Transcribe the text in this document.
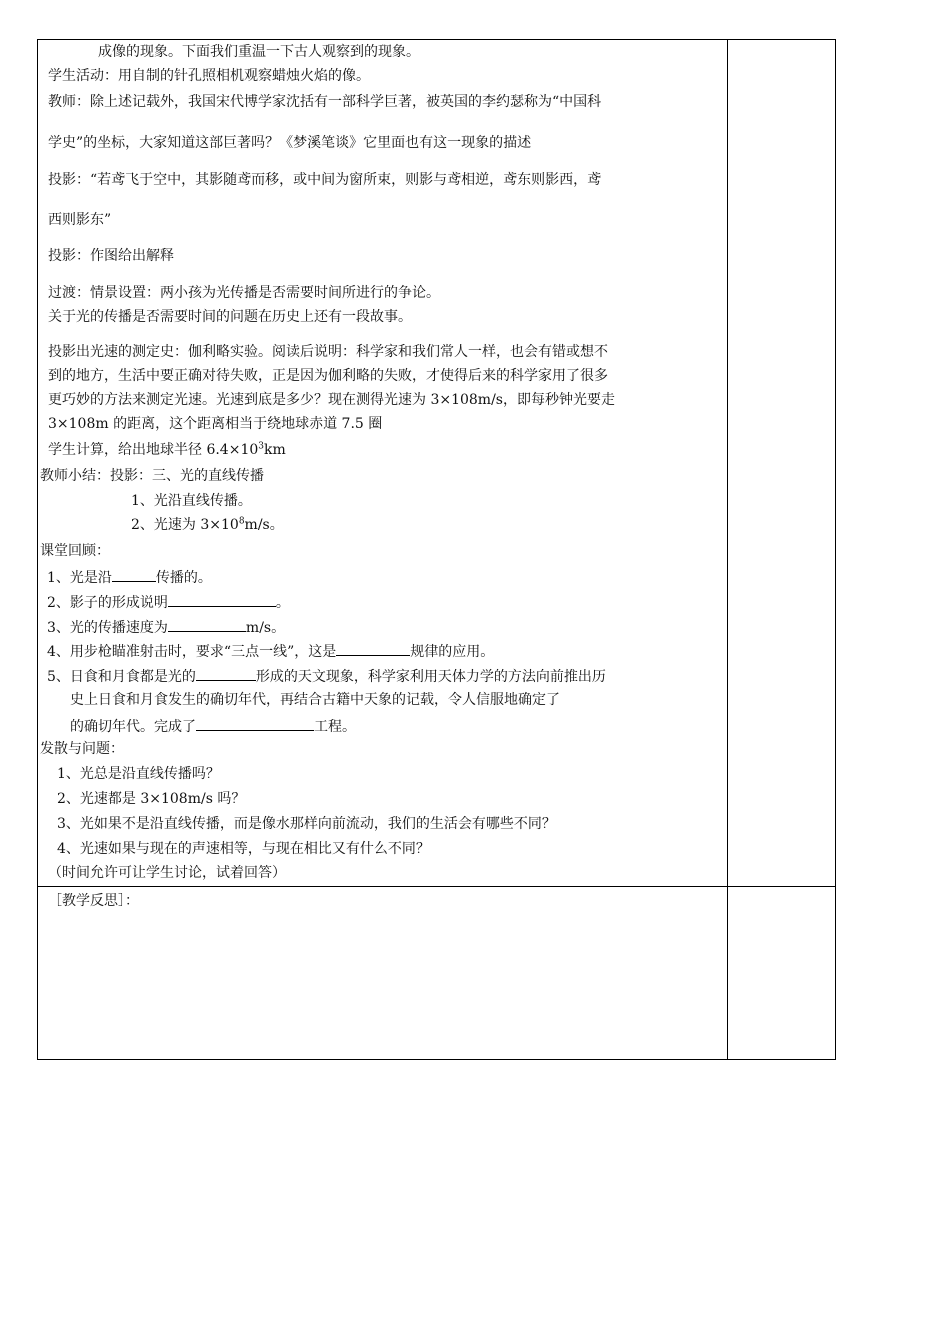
成像的现象。下面我们重温一下古人观察到的现象。
学生活动：用自制的针孔照相机观察蜡烛火焰的像。
教师：除上述记载外，我国宋代博学家沈括有一部科学巨著，被英国的李约瑟称为“中国科
学史”的坐标，大家知道这部巨著吗？《梦溪笔谈》它里面也有这一现象的描述
投影：“若鸢飞于空中，其影随鸢而移，或中间为窗所束，则影与鸢相逆，鸢东则影西，鸢
西则影东”
投影：作图给出解释
过渡：情景设置：两小孩为光传播是否需要时间所进行的争论。
关于光的传播是否需要时间的问题在历史上还有一段故事。
投影出光速的测定史：伽利略实验。阅读后说明：科学家和我们常人一样，也会有错或想不
到的地方，生活中要正确对待失败，正是因为伽利略的失败，才使得后来的科学家用了很多
更巧妙的方法来测定光速。光速到底是多少？现在测得光速为 3×108m/s，即每秒钟光要走
3×108m 的距离，这个距离相当于绕地球赤道 7.5 圈
学生计算，给出地球半径 $6.4\times 10^3km$
教师小结：投影：三、光的直线传播
1、光沿直线传播。
2、光速为 $3\times 10^8m/s$。
课堂回顾：
1、光是沿	传播的。
2、影子的形成说明	。
3、光的传播速度为	m/s。
4、用步枪瞄准射击时，要求“三点一线”，这是	规律的应用。
5、日食和月食都是光的	形成的天文现象，科学家利用天体力学的方法向前推出历
史上日食和月食发生的确切年代，再结合古籍中天象的记载，令人信服地确定了
的确切年代。完成了	工程。
发散与问题：
1、光总是沿直线传播吗？
2、光速都是 3×108m/s 吗？
3、光如果不是沿直线传播，而是像水那样向前流动，我们的生活会有哪些不同？
4、光速如果与现在的声速相等，与现在相比又有什么不同？
（时间允许可让学生讨论，试着回答）
［教学反思］：
